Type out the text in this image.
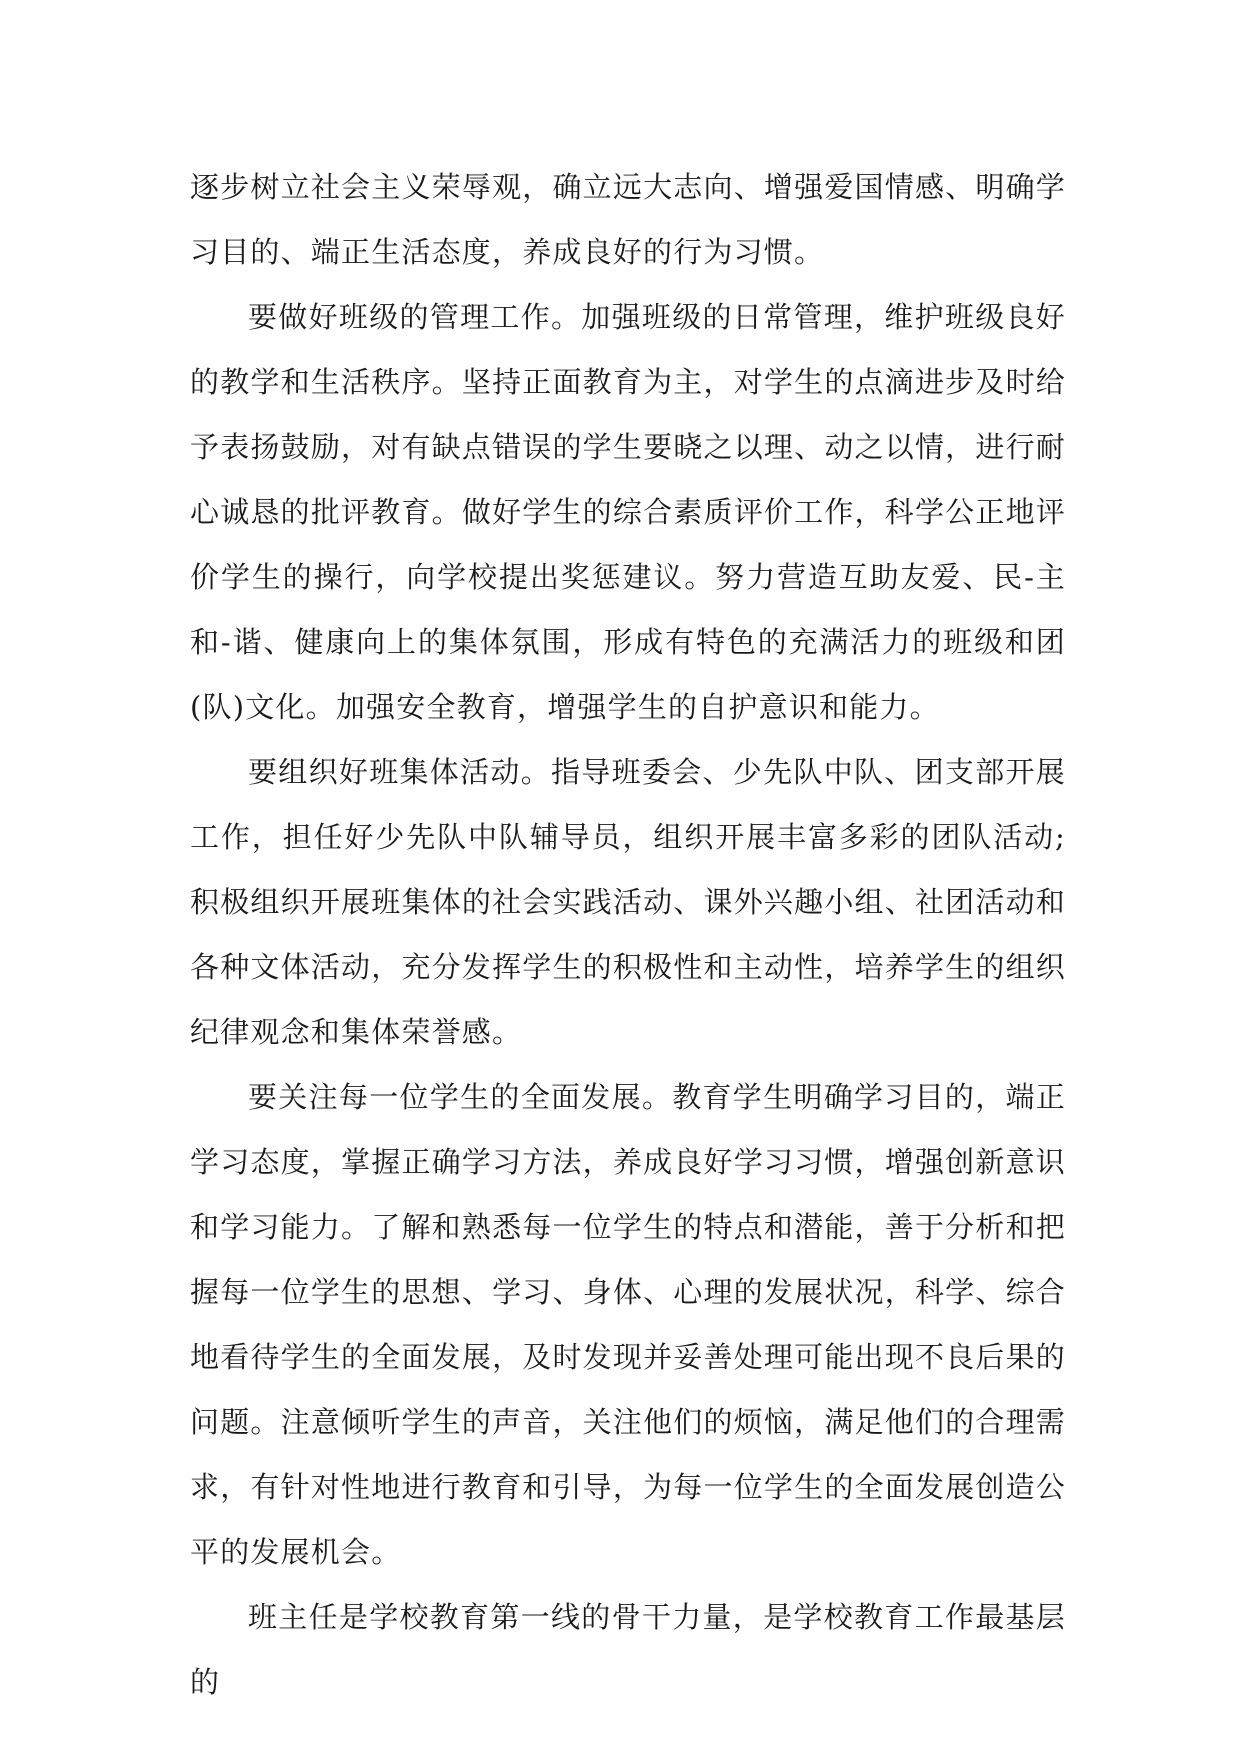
逐步树立社会主义荣辱观，确立远大志向、增强爱国情感、明确学习目的、端正生活态度，养成良好的行为习惯。

要做好班级的管理工作。加强班级的日常管理，维护班级良好的教学和生活秩序。坚持正面教育为主，对学生的点滴进步及时给予表扬鼓励，对有缺点错误的学生要晓之以理、动之以情，进行耐心诚恳的批评教育。做好学生的综合素质评价工作，科学公正地评价学生的操行，向学校提出奖惩建议。努力营造互助友爱、民-主和-谐、健康向上的集体氛围，形成有特色的充满活力的班级和团(队)文化。加强安全教育，增强学生的自护意识和能力。

要组织好班集体活动。指导班委会、少先队中队、团支部开展工作，担任好少先队中队辅导员，组织开展丰富多彩的团队活动;积极组织开展班集体的社会实践活动、课外兴趣小组、社团活动和各种文体活动，充分发挥学生的积极性和主动性，培养学生的组织纪律观念和集体荣誉感。

要关注每一位学生的全面发展。教育学生明确学习目的，端正学习态度，掌握正确学习方法，养成良好学习习惯，增强创新意识和学习能力。了解和熟悉每一位学生的特点和潜能，善于分析和把握每一位学生的思想、学习、身体、心理的发展状况，科学、综合地看待学生的全面发展，及时发现并妥善处理可能出现不良后果的问题。注意倾听学生的声音，关注他们的烦恼，满足他们的合理需求，有针对性地进行教育和引导，为每一位学生的全面发展创造公平的发展机会。

班主任是学校教育第一线的骨干力量，是学校教育工作最基层的
